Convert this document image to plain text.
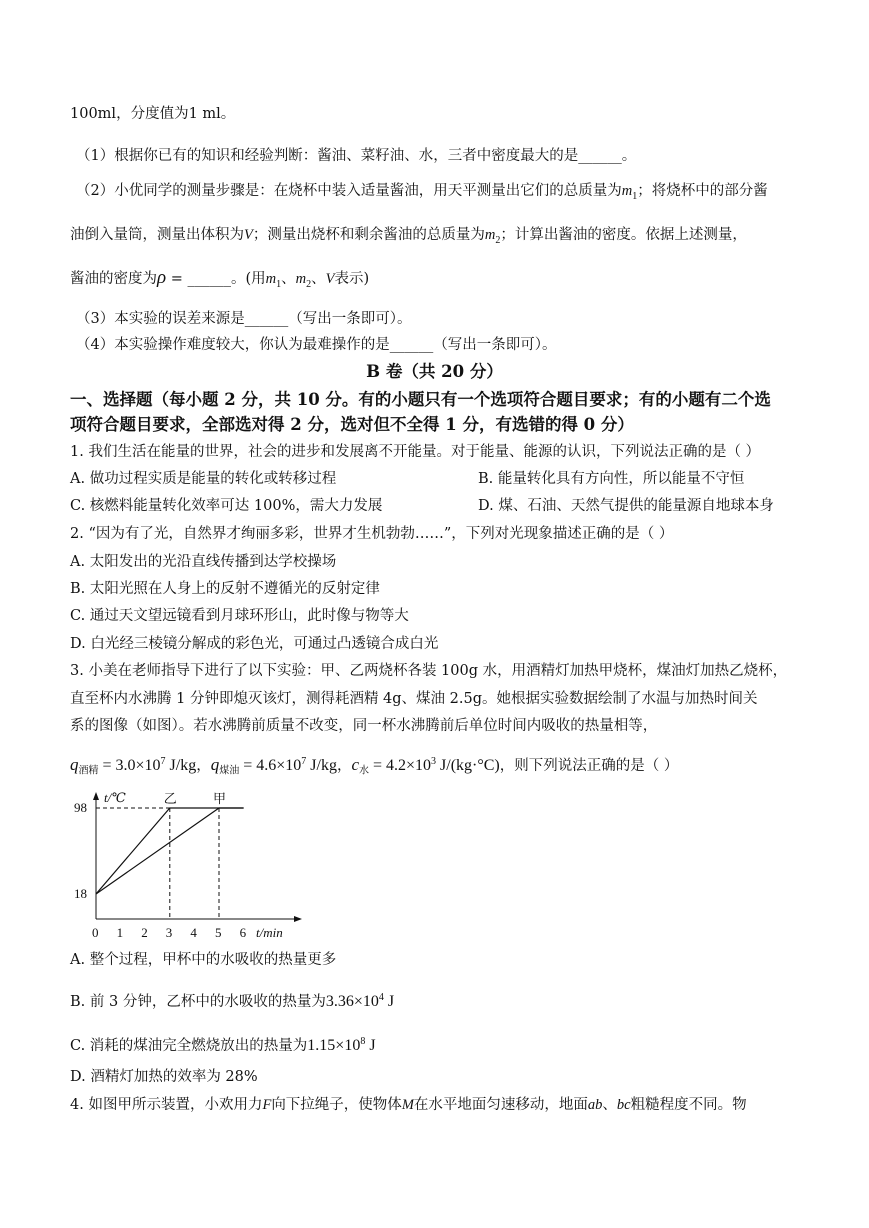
100ml，分度值为1 ml。
（1）根据你已有的知识和经验判断：酱油、菜籽油、水，三者中密度最大的是______。
（2）小优同学的测量步骤是：在烧杯中装入适量酱油，用天平测量出它们的总质量为$m_1$；将烧杯中的部分酱
油倒入量筒，测量出体积为V；测量出烧杯和剩余酱油的总质量为$m_2$；计算出酱油的密度。依据上述测量，
酱油的密度为ρ = ______。(用$m_1$、$m_2$、V表示)
（3）本实验的误差来源是______（写出一条即可）。
（4）本实验操作难度较大，你认为最难操作的是______（写出一条即可）。
B 卷（共 20 分）
一、选择题（每小题 2 分，共 10 分。有的小题只有一个选项符合题目要求；有的小题有二个选
项符合题目要求，全部选对得 2 分，选对但不全得 1 分，有选错的得 0 分）
1. 我们生活在能量的世界，社会的进步和发展离不开能量。对于能量、能源的认识，下列说法正确的是（ ）
A. 做功过程实质是能量的转化或转移过程	B. 能量转化具有方向性，所以能量不守恒
C. 核燃料能量转化效率可达 100%，需大力发展	D. 煤、石油、天然气提供的能量源自地球本身
2. “因为有了光，自然界才绚丽多彩，世界才生机勃勃……”，下列对光现象描述正确的是（ ）
A. 太阳发出的光沿直线传播到达学校操场
B. 太阳光照在人身上的反射不遵循光的反射定律
C. 通过天文望远镜看到月球环形山，此时像与物等大
D. 白光经三棱镜分解成的彩色光，可通过凸透镜合成白光
3. 小美在老师指导下进行了以下实验：甲、乙两烧杯各装 100g 水，用酒精灯加热甲烧杯，煤油灯加热乙烧杯，
直至杯内水沸腾 1 分钟即熄灭该灯，测得耗酒精 4g、煤油 2.5g。她根据实验数据绘制了水温与加热时间关
系的图像（如图）。若水沸腾前质量不改变，同一杯水沸腾前后单位时间内吸收的热量相等，
$q_{酒精} = 3.0\times 10^7$ J/kg，$q_{煤油} = 4.6\times 10^7$ J/kg，$c_水 = 4.2\times 10^3$ J/(kg·°C)，则下列说法正确的是（ ）
乙	甲
0 1 2 3 4 5 6
18
98
t/min
t/℃
A. 整个过程，甲杯中的水吸收的热量更多
B. 前 3 分钟，乙杯中的水吸收的热量为$3.36\times 10^4$ J
C. 消耗的煤油完全燃烧放出的热量为$1.15\times 10^8$ J
D. 酒精灯加热的效率为 28%
4. 如图甲所示装置，小欢用力F向下拉绳子，使物体M在水平地面匀速移动，地面ab、bc粗糙程度不同。物
